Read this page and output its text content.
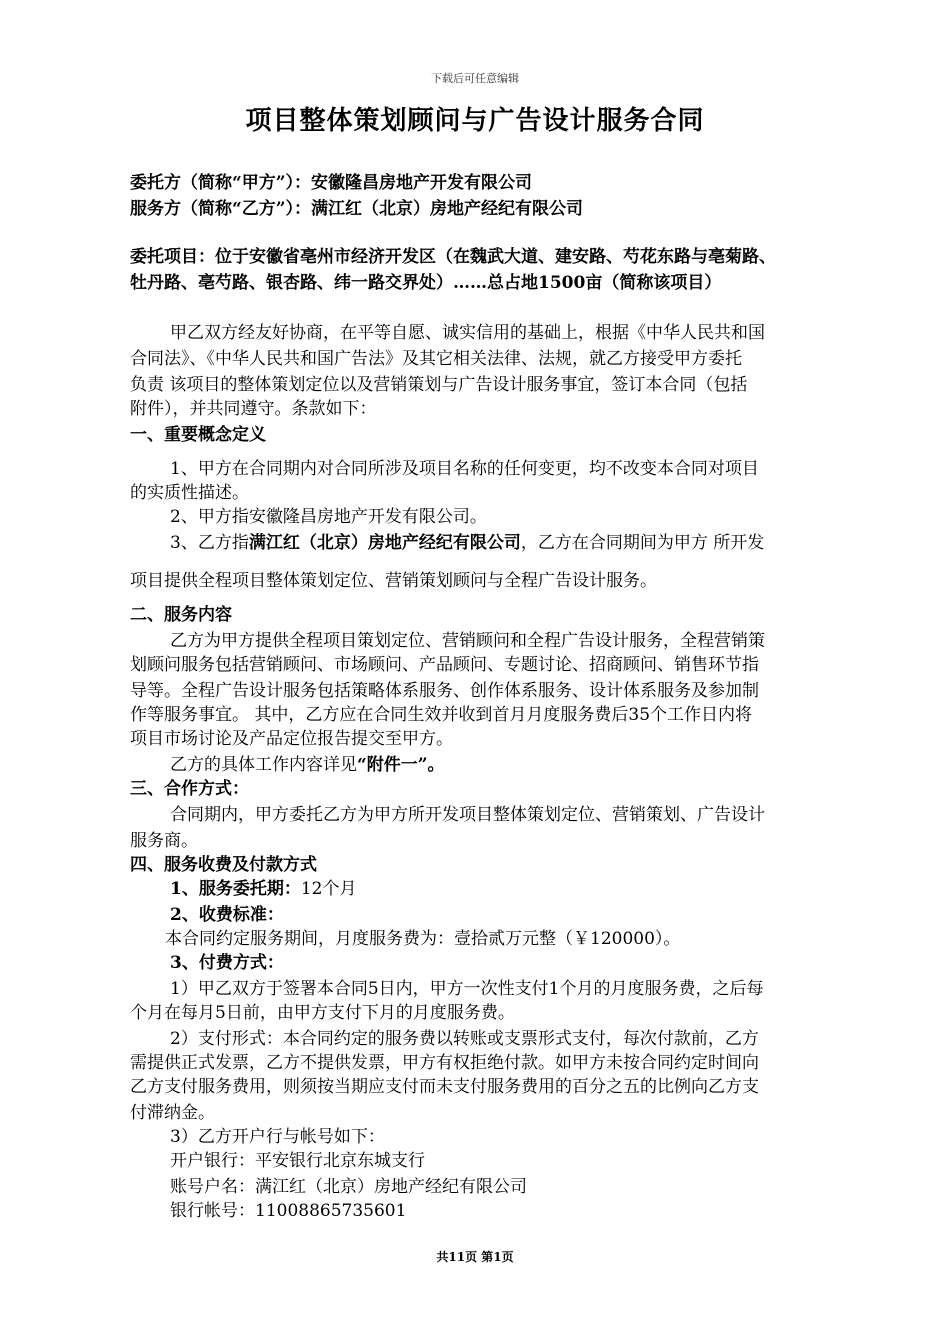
下载后可任意编辑
项目整体策划顾问与广告设计服务合同
委托方（简称“甲方”）：安徽隆昌房地产开发有限公司
服务方（简称“乙方”）：满江红（北京）房地产经纪有限公司
委托项目：位于安徽省亳州市经济开发区（在魏武大道、建安路、芍花东路与亳菊路、
牡丹路、亳芍路、银杏路、纬一路交界处）……总占地1500亩（简称该项目）
甲乙双方经友好协商，在平等自愿、诚实信用的基础上，根据《中华人民共和国
合同法》、《中华人民共和国广告法》及其它相关法律、法规，就乙方接受甲方委托
负责 该项目的整体策划定位以及营销策划与广告设计服务事宜，签订本合同（包括
附件），并共同遵守。条款如下：
一、重要概念定义
1、甲方在合同期内对合同所涉及项目名称的任何变更，均不改变本合同对项目
的实质性描述。
2、甲方指安徽隆昌房地产开发有限公司。
3、乙方指满江红（北京）房地产经纪有限公司，乙方在合同期间为甲方 所开发
项目提供全程项目整体策划定位、营销策划顾问与全程广告设计服务。
二、服务内容
乙方为甲方提供全程项目策划定位、营销顾问和全程广告设计服务，全程营销策
划顾问服务包括营销顾问、市场顾问、产品顾问、专题讨论、招商顾问、销售环节指
导等。全程广告设计服务包括策略体系服务、创作体系服务、设计体系服务及参加制
作等服务事宜。 其中，乙方应在合同生效并收到首月月度服务费后35个工作日内将
项目市场讨论及产品定位报告提交至甲方。
乙方的具体工作内容详见“附件一”。
三、合作方式：
合同期内，甲方委托乙方为甲方所开发项目整体策划定位、营销策划、广告设计
服务商。
四、服务收费及付款方式
1、服务委托期：12个月
2、收费标准：
本合同约定服务期间，月度服务费为：壹拾贰万元整（￥120000）。
3、付费方式：
1）甲乙双方于签署本合同5日内，甲方一次性支付1个月的月度服务费，之后每
个月在每月5日前，由甲方支付下月的月度服务费。
2）支付形式：本合同约定的服务费以转账或支票形式支付，每次付款前，乙方
需提供正式发票，乙方不提供发票，甲方有权拒绝付款。如甲方未按合同约定时间向
乙方支付服务费用，则须按当期应支付而未支付服务费用的百分之五的比例向乙方支
付滞纳金。
3）乙方开户行与帐号如下：
开户银行：平安银行北京东城支行
账号户名：满江红（北京）房地产经纪有限公司
银行帐号：11008865735601
共11页 第1页
